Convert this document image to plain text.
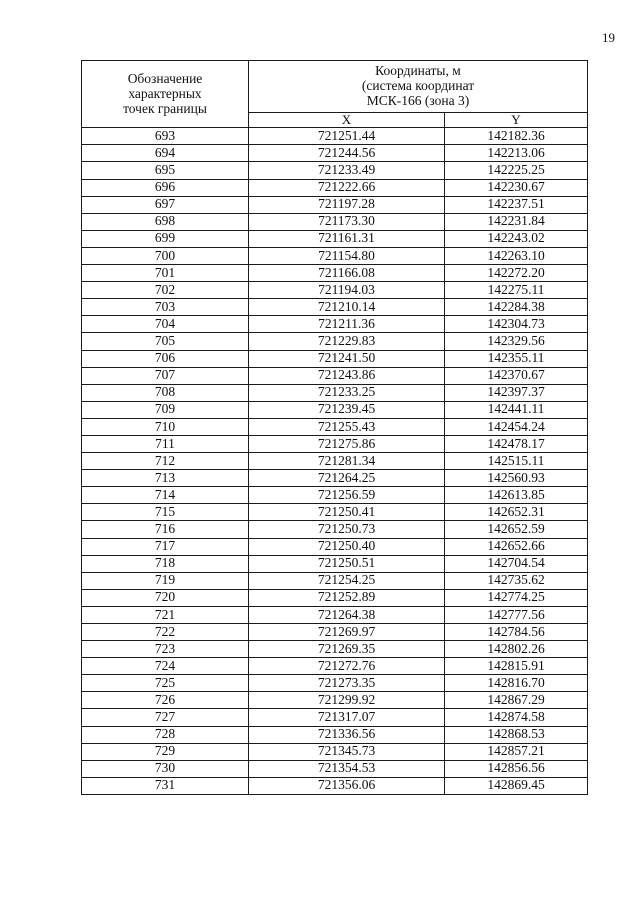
19
Обозначение
характерных
точек границы	Координаты, м
(система координат
МСК-166 (зона 3)	

	X	Y
693	721251.44	142182.36
694	721244.56	142213.06
695	721233.49	142225.25
696	721222.66	142230.67
697	721197.28	142237.51
698	721173.30	142231.84
699	721161.31	142243.02
700	721154.80	142263.10
701	721166.08	142272.20
702	721194.03	142275.11
703	721210.14	142284.38
704	721211.36	142304.73
705	721229.83	142329.56
706	721241.50	142355.11
707	721243.86	142370.67
708	721233.25	142397.37
709	721239.45	142441.11
710	721255.43	142454.24
711	721275.86	142478.17
712	721281.34	142515.11
713	721264.25	142560.93
714	721256.59	142613.85
715	721250.41	142652.31
716	721250.73	142652.59
717	721250.40	142652.66
718	721250.51	142704.54
719	721254.25	142735.62
720	721252.89	142774.25
721	721264.38	142777.56
722	721269.97	142784.56
723	721269.35	142802.26
724	721272.76	142815.91
725	721273.35	142816.70
726	721299.92	142867.29
727	721317.07	142874.58
728	721336.56	142868.53
729	721345.73	142857.21
730	721354.53	142856.56
731	721356.06	142869.45
